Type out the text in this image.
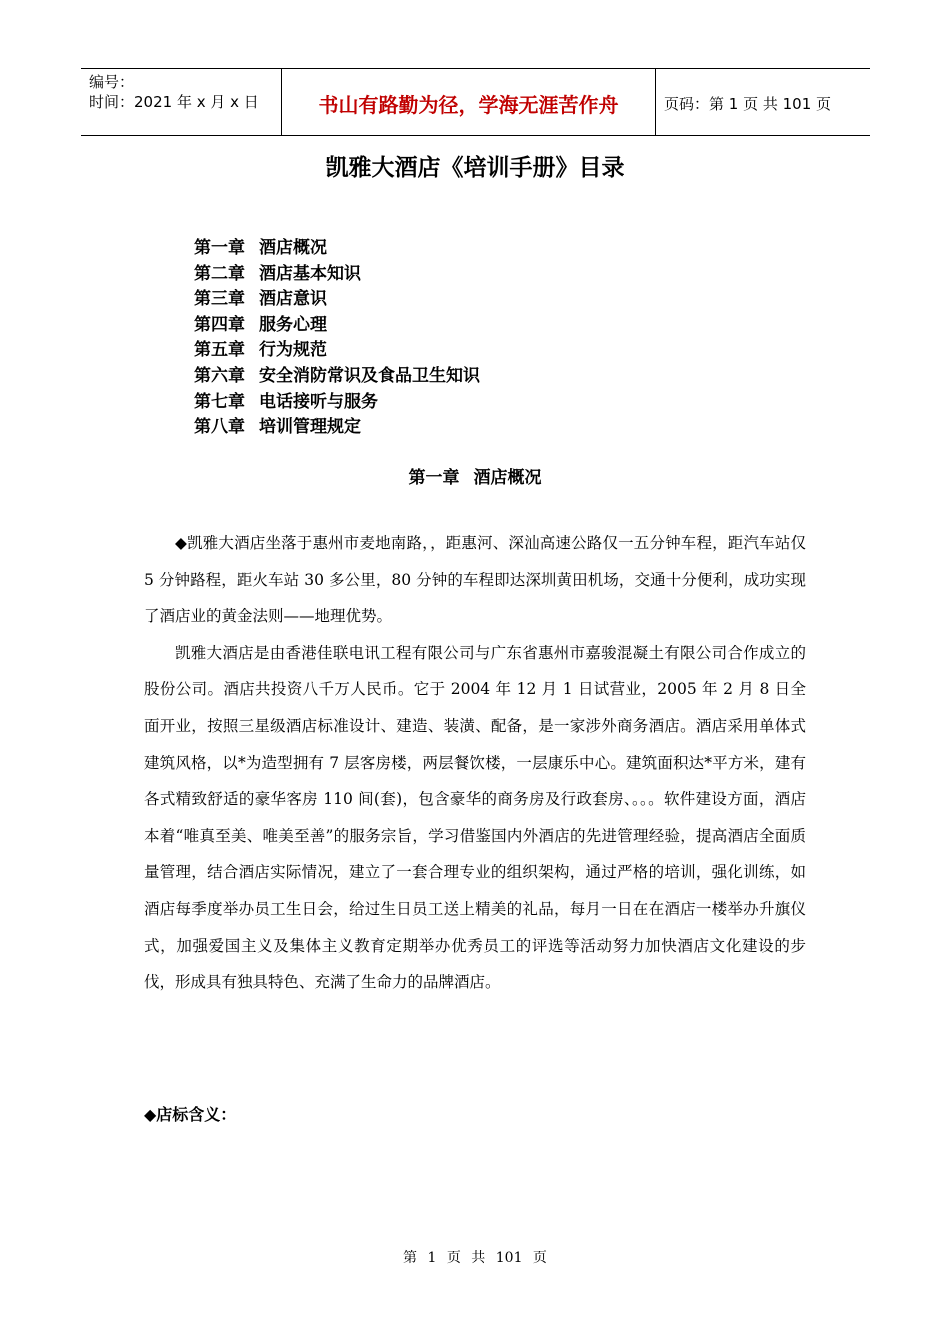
编号：
时间：2021 年 x 月 x 日	书山有路勤为径，学海无涯苦作舟	页码：第 1 页 共 101 页
凯雅大酒店《培训手册》目录
第一章 酒店概况
第二章 酒店基本知识
第三章 酒店意识
第四章 服务心理
第五章 行为规范
第六章 安全消防常识及食品卫生知识
第七章 电话接听与服务
第八章 培训管理规定
第一章 酒店概况

◆凯雅大酒店坐落于惠州市麦地南路，，距惠河、深汕高速公路仅一五分钟车程，距汽车站仅 5 分钟路程，距火车站 30 多公里，80 分钟的车程即达深圳黄田机场，交通十分便利，成功实现了酒店业的黄金法则——地理优势。

凯雅大酒店是由香港佳联电讯工程有限公司与广东省惠州市嘉骏混凝土有限公司合作成立的股份公司。酒店共投资八千万人民币。它于 2004 年 12 月 1 日试营业，2005 年 2 月 8 日全面开业，按照三星级酒店标准设计、建造、装潢、配备，是一家涉外商务酒店。酒店采用单体式建筑风格，以*为造型拥有 7 层客房楼，两层餐饮楼，一层康乐中心。建筑面积达*平方米，建有各式精致舒适的豪华客房 110 间(套)，包含豪华的商务房及行政套房、。。。软件建设方面，酒店本着“唯真至美、唯美至善”的服务宗旨，学习借鉴国内外酒店的先进管理经验，提高酒店全面质量管理，结合酒店实际情况，建立了一套合理专业的组织架构，通过严格的培训，强化训练，如酒店每季度举办员工生日会，给过生日员工送上精美的礼品，每月一日在在酒店一楼举办升旗仪式，加强爱国主义及集体主义教育定期举办优秀员工的评选等活动努力加快酒店文化建设的步伐，形成具有独具特色、充满了生命力的品牌酒店。

◆店标含义：
第 1 页 共 101 页
